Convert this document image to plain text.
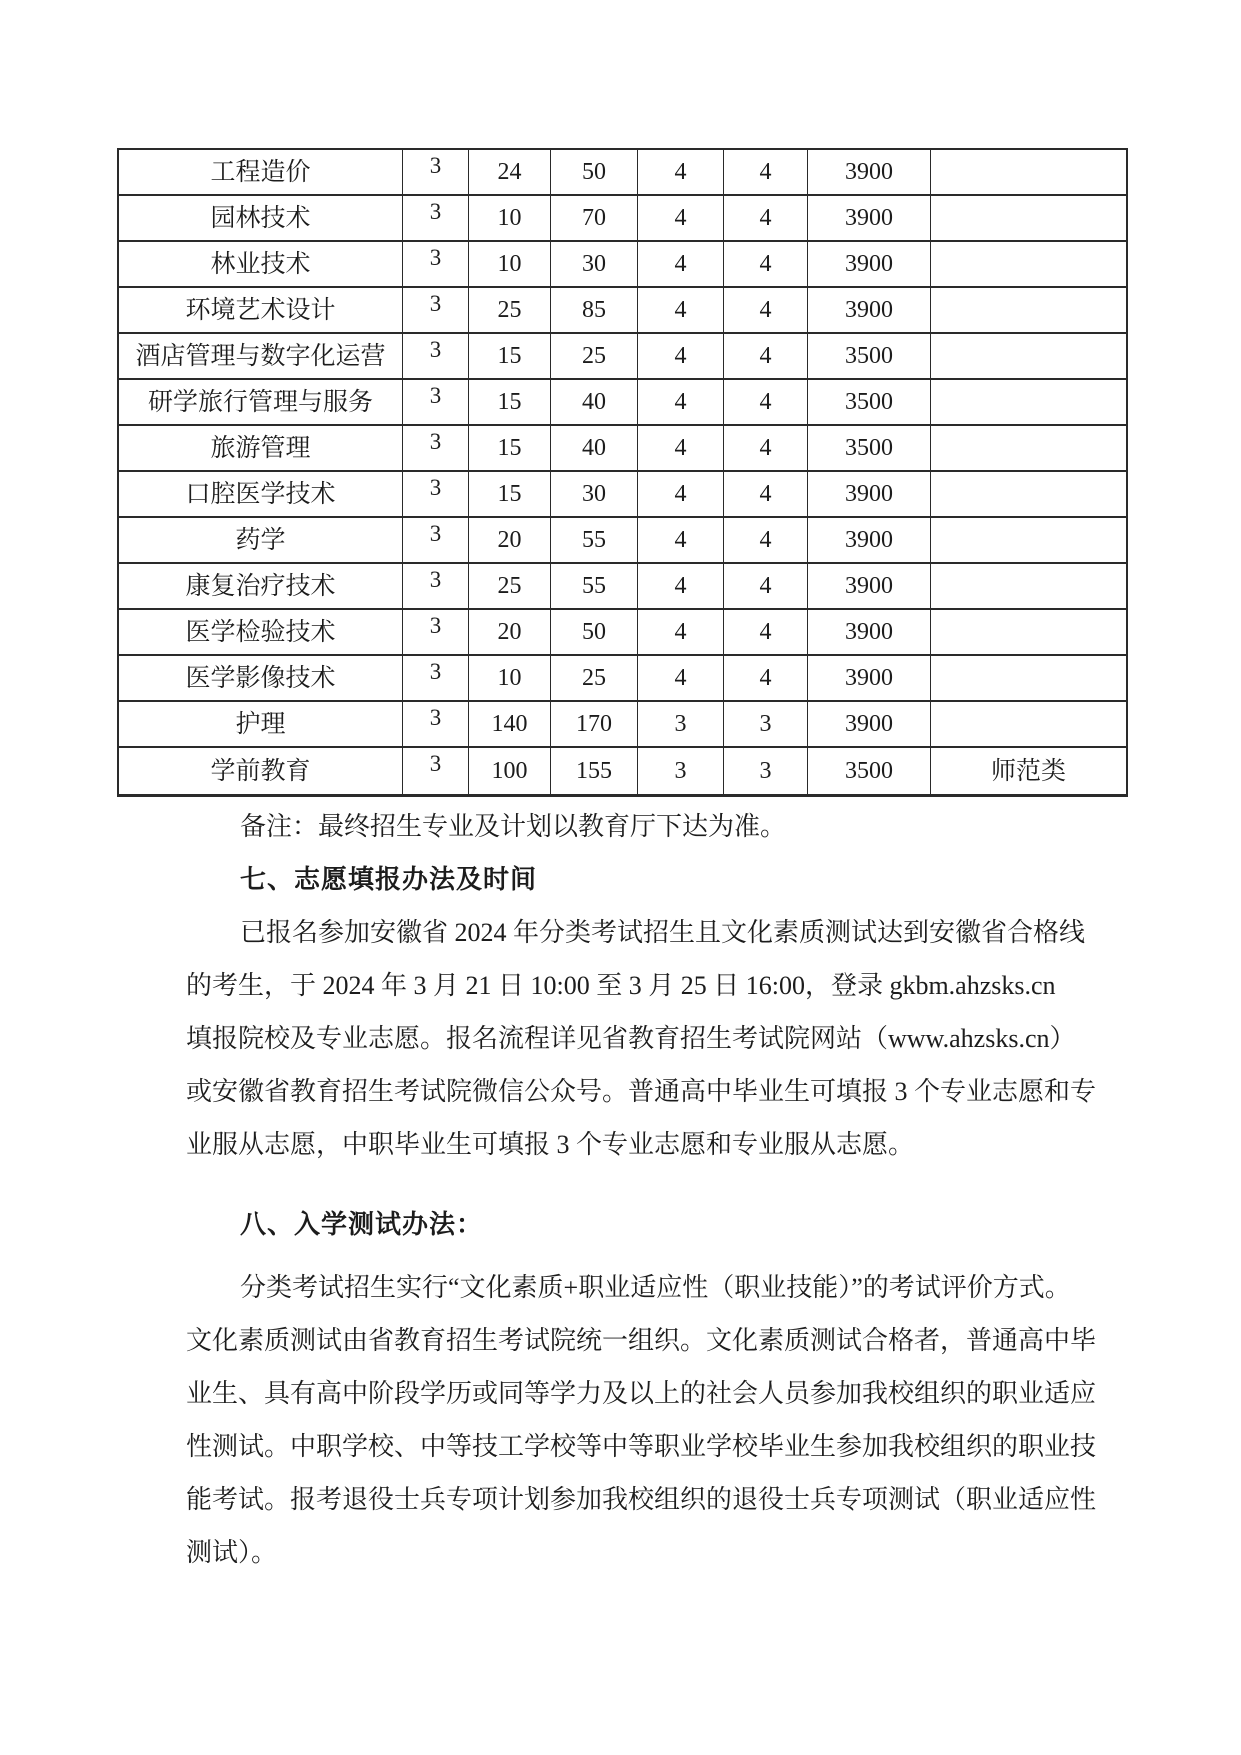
工程造价	3	24	50	4	4	3900
园林技术	3	10	70	4	4	3900
林业技术	3	10	30	4	4	3900
环境艺术设计	3	25	85	4	4	3900
酒店管理与数字化运营	3	15	25	4	4	3500
研学旅行管理与服务	3	15	40	4	4	3500
旅游管理	3	15	40	4	4	3500
口腔医学技术	3	15	30	4	4	3900
药学	3	20	55	4	4	3900
康复治疗技术	3	25	55	4	4	3900
医学检验技术	3	20	50	4	4	3900
医学影像技术	3	10	25	4	4	3900
护理	3	140	170	3	3	3900
学前教育	3	100	155	3	3	3500	师范类
备注：最终招生专业及计划以教育厅下达为准。
七、志愿填报办法及时间
已报名参加安徽省 2024 年分类考试招生且文化素质测试达到安徽省合格线
的考生，于 2024 年 3 月 21 日 10:00 至 3 月 25 日 16:00，登录 gkbm.ahzsks.cn
填报院校及专业志愿。报名流程详见省教育招生考试院网站（www.ahzsks.cn）
或安徽省教育招生考试院微信公众号。普通高中毕业生可填报 3 个专业志愿和专
业服从志愿，中职毕业生可填报 3 个专业志愿和专业服从志愿。
八、入学测试办法：
分类考试招生实行“文化素质+职业适应性（职业技能）”的考试评价方式。
文化素质测试由省教育招生考试院统一组织。文化素质测试合格者，普通高中毕
业生、具有高中阶段学历或同等学力及以上的社会人员参加我校组织的职业适应
性测试。中职学校、中等技工学校等中等职业学校毕业生参加我校组织的职业技
能考试。报考退役士兵专项计划参加我校组织的退役士兵专项测试（职业适应性
测试）。
